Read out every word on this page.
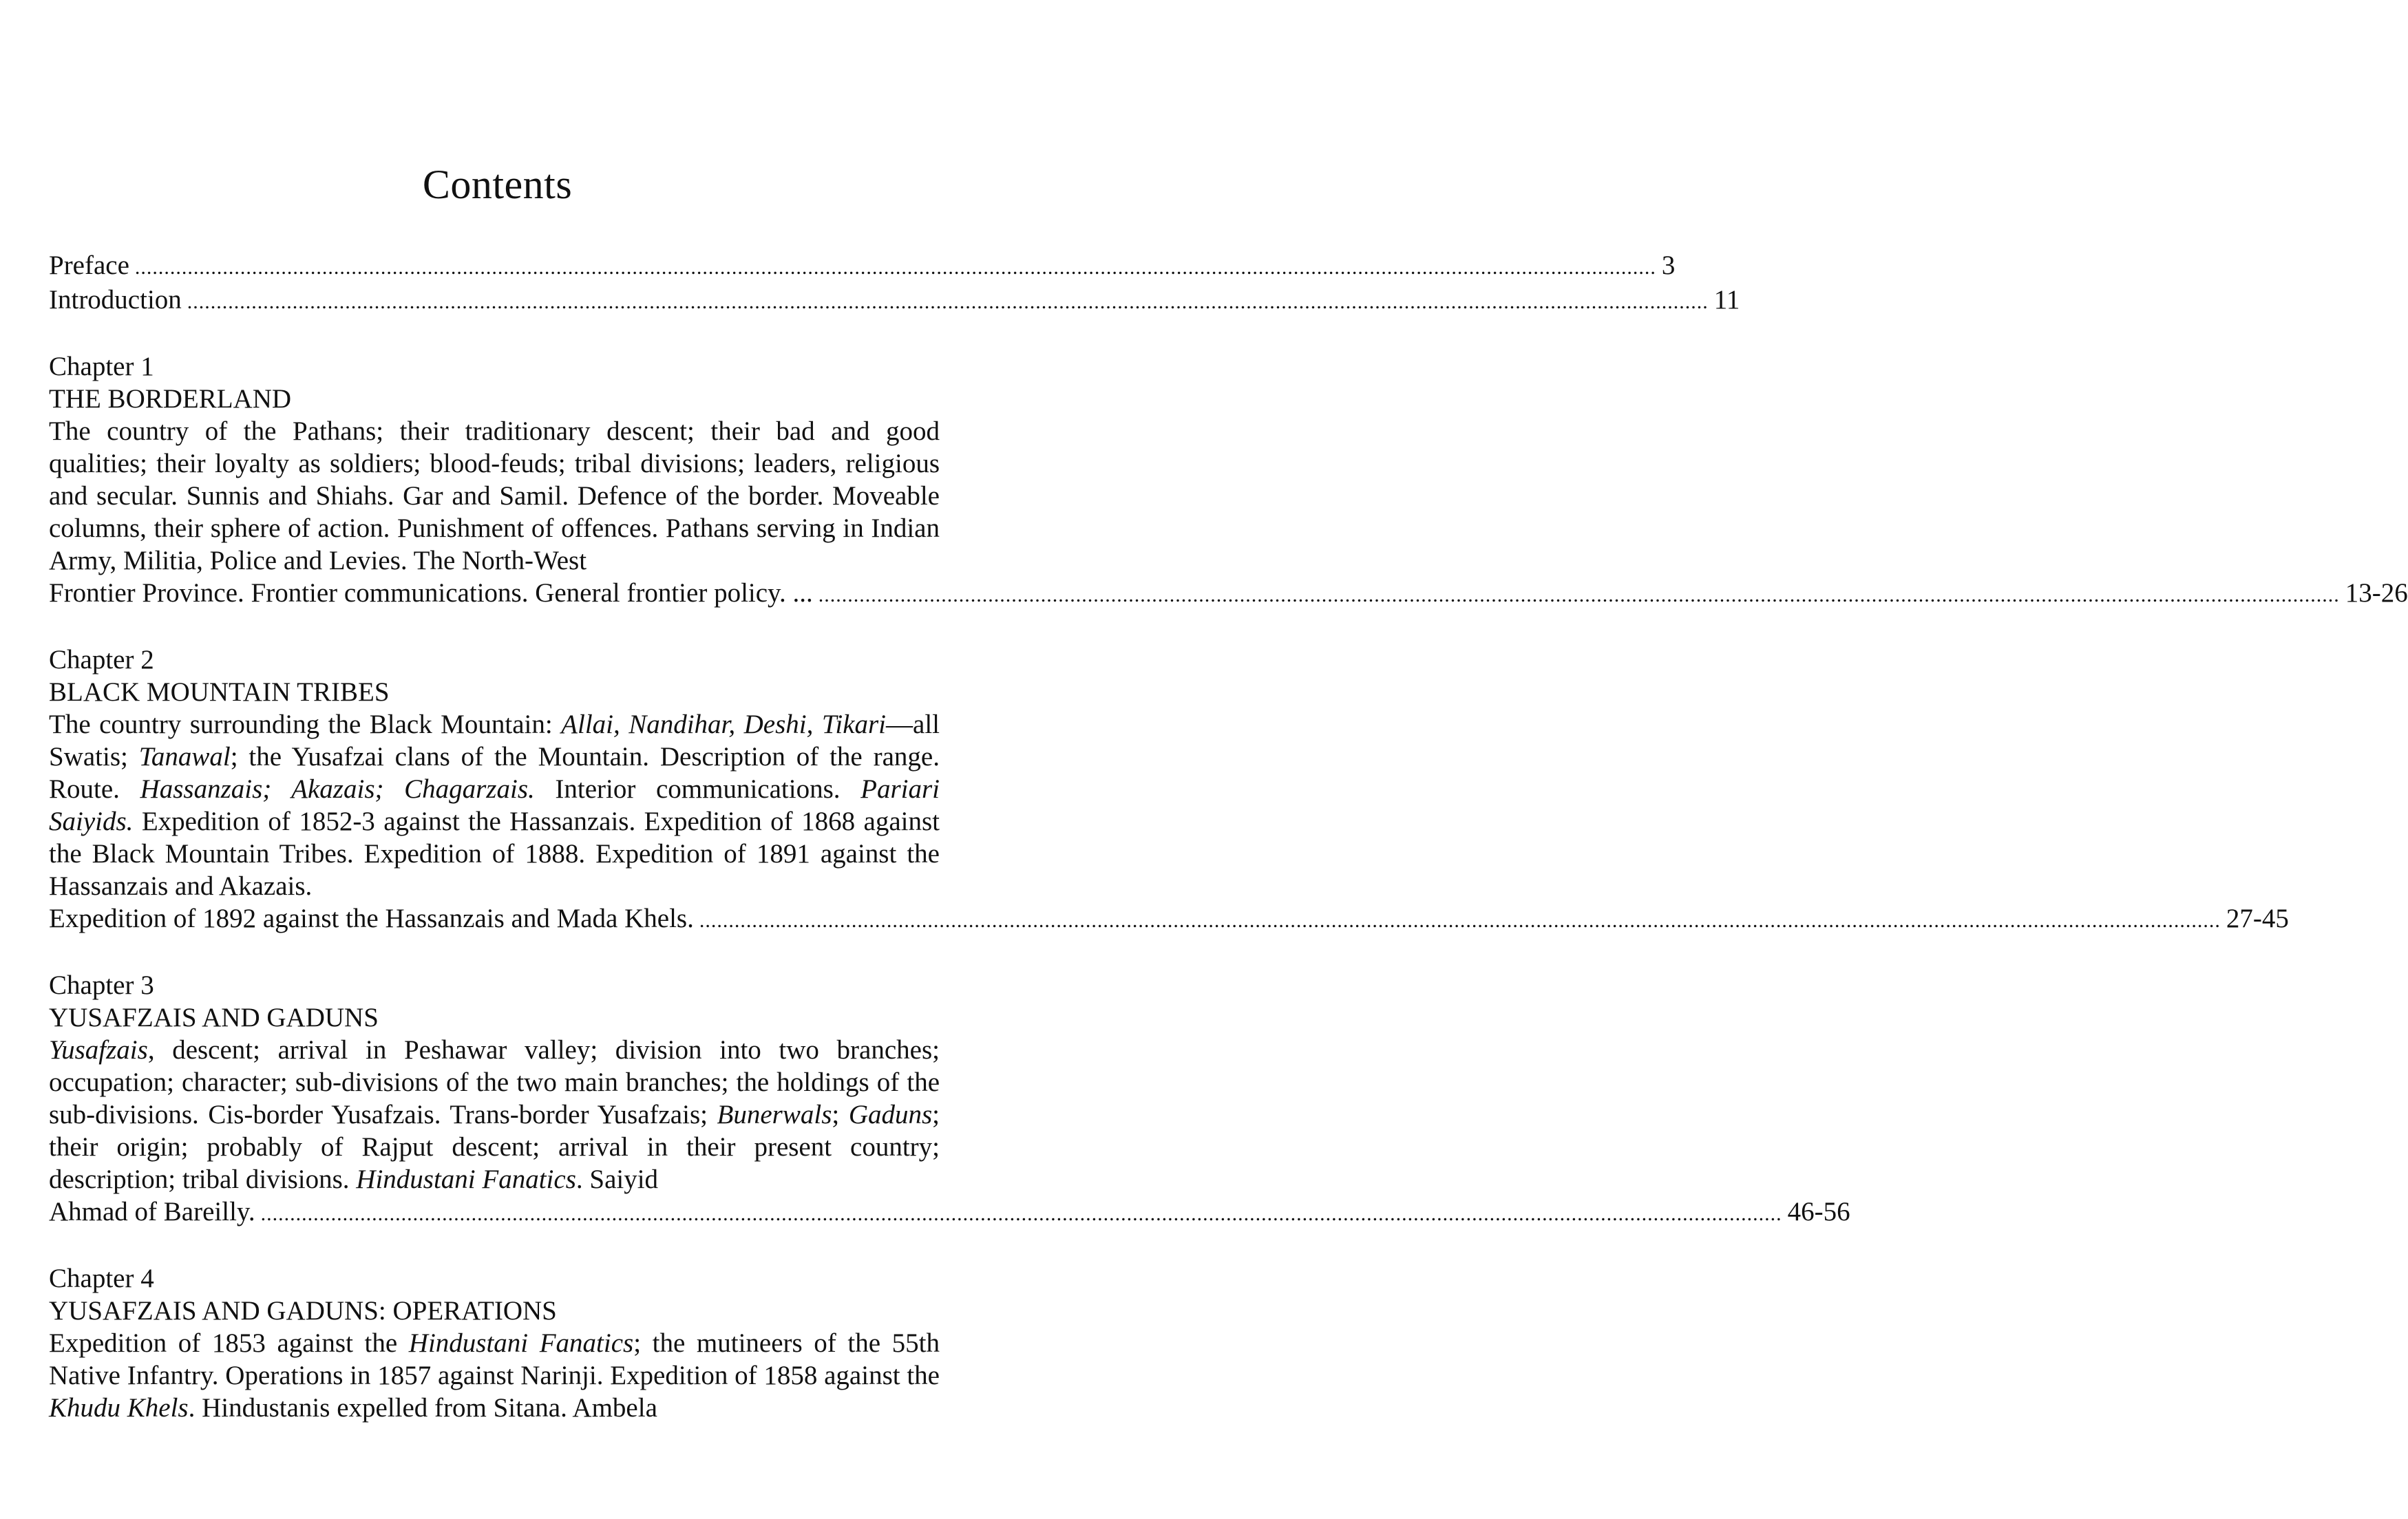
Contents
Preface .................................................................................................................................................................................................................................................................... 3
Introduction .................................................................................................................................................................................................................................................................... 11
Chapter 1
THE BORDERLAND
The country of the Pathans; their traditionary descent; their bad and good qualities; their loyalty as soldiers; blood-feuds; tribal divisions; leaders, religious and secular. Sunnis and Shiahs. Gar and Samil. Defence of the border. Moveable columns, their sphere of action. Punishment of offences. Pathans serving in Indian Army, Militia, Police and Levies. The North-West
Frontier Province. Frontier communications. General frontier policy. ... .................................................................................................................................................................................................................................................................... 13-26
Chapter 2
BLACK MOUNTAIN TRIBES
The country surrounding the Black Mountain: Allai, Nandihar, Deshi, Tikari—all Swatis; Tanawal; the Yusafzai clans of the Mountain. Description of the range. Route. Hassanzais; Akazais; Chagarzais. Interior communications. Pariari Saiyids. Expedition of 1852-3 against the Hassanzais. Expedition of 1868 against the Black Mountain Tribes. Expedition of 1888. Expedition of 1891 against the Hassanzais and Akazais.
Expedition of 1892 against the Hassanzais and Mada Khels. .................................................................................................................................................................................................................................................................... 27-45
Chapter 3
YUSAFZAIS AND GADUNS
Yusafzais, descent; arrival in Peshawar valley; division into two branches; occupation; character; sub-divisions of the two main branches; the holdings of the sub-divisions. Cis-border Yusafzais. Trans-border Yusafzais; Bunerwals; Gaduns; their origin; probably of Rajput descent; arrival in their present country; description; tribal divisions. Hindustani Fanatics. Saiyid
Ahmad of Bareilly. .................................................................................................................................................................................................................................................................... 46-56
Chapter 4
YUSAFZAIS AND GADUNS: OPERATIONS
Expedition of 1853 against the Hindustani Fanatics; the mutineers of the 55th Native Infantry. Operations in 1857 against Narinji. Expedition of 1858 against the Khudu Khels. Hindustanis expelled from Sitana. Ambela
